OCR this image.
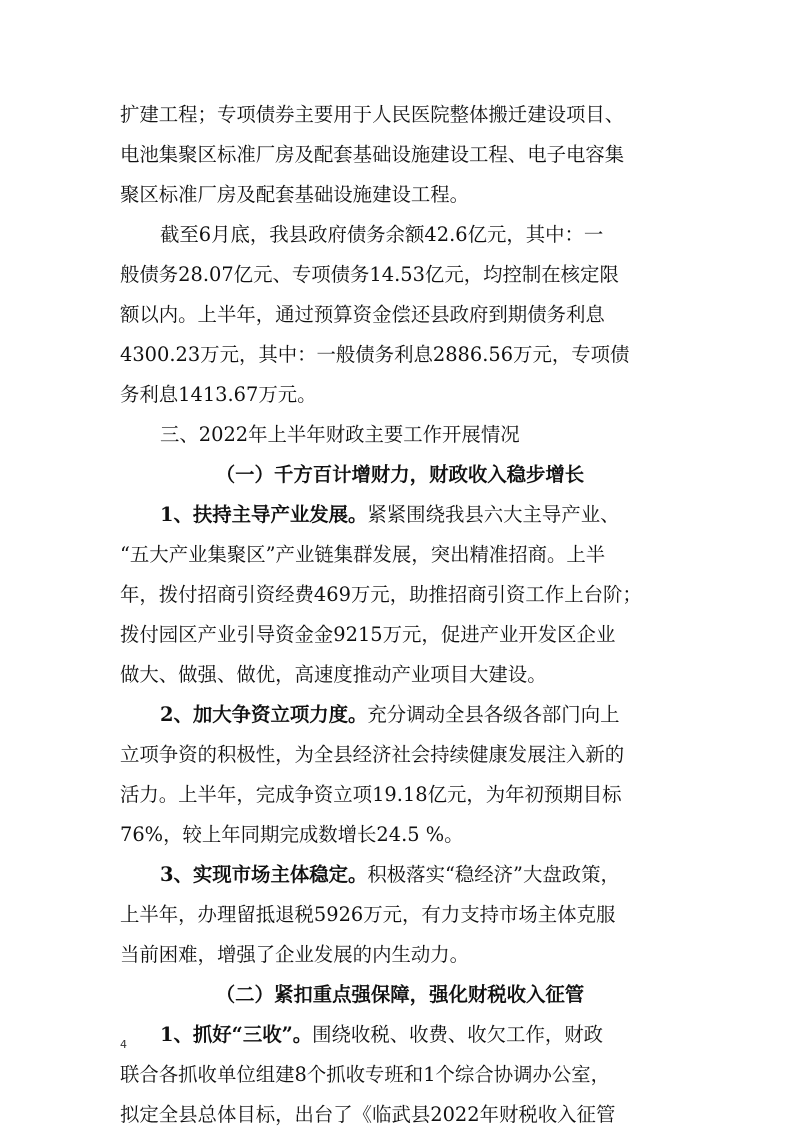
扩建工程；专项债券主要用于人民医院整体搬迁建设项目、
电池集聚区标准厂房及配套基础设施建设工程、电子电容集
聚区标准厂房及配套基础设施建设工程。
截至6月底，我县政府债务余额42.6亿元，其中：一
般债务28.07亿元、专项债务14.53亿元，均控制在核定限
额以内。上半年，通过预算资金偿还县政府到期债务利息
4300.23万元，其中：一般债务利息2886.56万元，专项债
务利息1413.67万元。
三、2022年上半年财政主要工作开展情况
（一）千方百计增财力，财政收入稳步增长
1、扶持主导产业发展。紧紧围绕我县六大主导产业、
“五大产业集聚区”产业链集群发展，突出精准招商。上半
年，拨付招商引资经费469万元，助推招商引资工作上台阶；
拨付园区产业引导资金金9215万元，促进产业开发区企业
做大、做强、做优，高速度推动产业项目大建设。
2、加大争资立项力度。充分调动全县各级各部门向上
立项争资的积极性，为全县经济社会持续健康发展注入新的
活力。上半年，完成争资立项19.18亿元，为年初预期目标
76%，较上年同期完成数增长24.5 %。
3、实现市场主体稳定。积极落实“稳经济”大盘政策，
上半年，办理留抵退税5926万元，有力支持市场主体克服
当前困难，增强了企业发展的内生动力。
（二）紧扣重点强保障，强化财税收入征管
1、抓好“三收”。围绕收税、收费、收欠工作，财政
联合各抓收单位组建8个抓收专班和1个综合协调办公室，
拟定全县总体目标，出台了《临武县2022年财税收入征管
4
